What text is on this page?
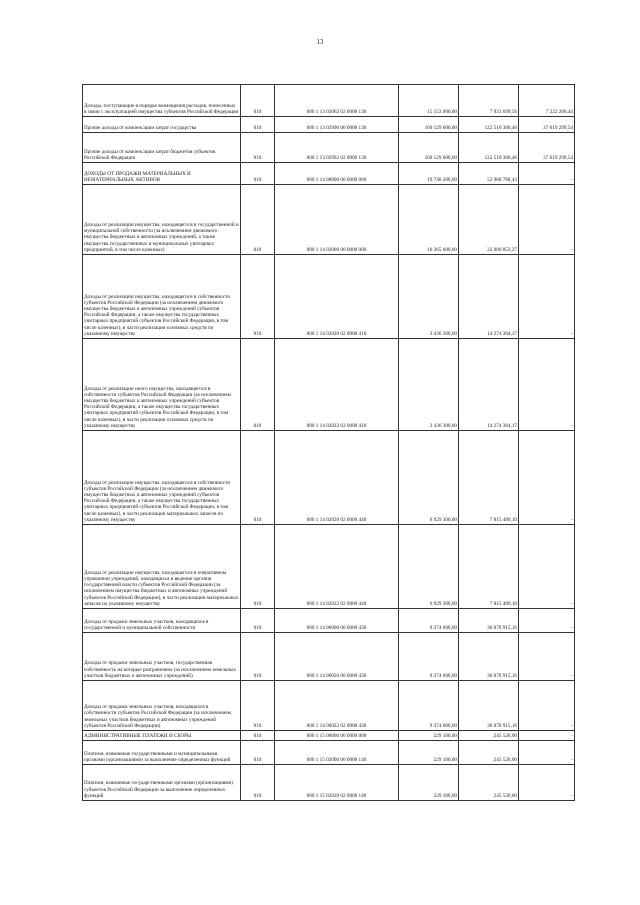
13
Доходы, поступающие в порядке возмещения расходов, понесенных в связи с эксплуатацией имущества субъектов Российской Федерации	010	000 1 13 02062 02 0000 130	15 153 900,00	7 931 699,56	7 222 200,44
Прочие доходы от компенсации затрат государства	010	000 1 13 02990 00 0000 130	160 129 600,00	122 510 300,46	37 619 299,54
Прочие доходы от компенсации затрат бюджетов субъектов Российской Федерации	010	000 1 13 02992 02 0000 130	160 129 600,00	122 510 300,46	37 619 299,54
ДОХОДЫ ОТ ПРОДАЖИ МАТЕРИАЛЬНЫХ И НЕМАТЕРИАЛЬНЫХ АКТИВОВ	010	000 1 14 00000 00 0000 000	19 740 200,00	52 968 768,43	-
Доходы от реализации имущества, находящегося в государственной и муниципальной собственности (за исключением движимого имущества бюджетных и автономных учреждений, а также имущества государственных и муниципальных унитарных предприятий, в том числе казенных)	010	000 1 14 02000 00 0000 000	10 365 600,00	22 089 853,27	-
Доходы от реализации имущества, находящегося в собственности субъектов Российской Федерации (за исключением движимого имущества бюджетных и автономных учреждений субъектов Российской Федерации, а также имущества государственных унитарных предприятий субъектов Российской Федерации, в том числе казенных), в части реализации основных средств по указанному имуществу	010	000 1 14 02020 02 0000 410	3 436 300,00	14 274 364,17	-
Доходы от реализации иного имущества, находящегося в собственности субъектов Российской Федерации (за исключением имущества бюджетных и автономных учреждений субъектов Российской Федерации, а также имущества государственных унитарных предприятий субъектов Российской Федерации, в том числе казенных), в части реализации основных средств по указанному имуществу	010	000 1 14 02023 02 0000 410	3 436 300,00	14 274 364,17	-
Доходы от реализации имущества, находящегося в собственности субъектов Российской Федерации (за исключением движимого имущества бюджетных и автономных учреждений субъектов Российской Федерации, а также имущества государственных унитарных предприятий субъектов Российской Федерации, в том числе казенных), в части реализации материальных запасов по указанному имуществу	010	000 1 14 02020 02 0000 440	6 929 300,00	7 815 489,10	-
Доходы от реализации имущества, находящегося в оперативном управлении учреждений, находящихся в ведении органов государственной власти субъектов Российской Федерации (за исключением имущества бюджетных и автономных учреждений субъектов Российской Федерации), в части реализации материальных запасов по указанному имуществу	010	000 1 14 02022 02 0000 440	6 929 300,00	7 815 489,10	-
Доходы от продажи земельных участков, находящихся в государственной и муниципальной собственности	010	000 1 14 06000 00 0000 430	9 374 600,00	30 878 915,16	-
Доходы от продажи земельных участков, государственная собственность на которые разграничена (за исключением земельных участков бюджетных и автономных учреждений)	010	000 1 14 06020 00 0000 430	9 374 600,00	30 878 915,16	-
Доходы от продажи земельных участков, находящихся в собственности субъектов Российской Федерации (за исключением земельных участков бюджетных и автономных учреждений субъектов Российской Федерации)	010	000 1 14 06022 02 0000 430	9 374 600,00	30 878 915,16	-
АДМИНИСТРАТИВНЫЕ ПЛАТЕЖИ И СБОРЫ	010	000 1 15 00000 00 0000 000	229 100,00	245 520,00	-
Платежи, взимаемые государственными и муниципальными органами (организациями) за выполнение определенных функций	010	000 1 15 02000 00 0000 140	229 100,00	245 520,00	-
Платежи, взимаемые государственными органами (организациями) субъектов Российской Федерации за выполнение определенных функций	010	000 1 15 02020 02 0000 140	229 100,00	245 520,00	-
